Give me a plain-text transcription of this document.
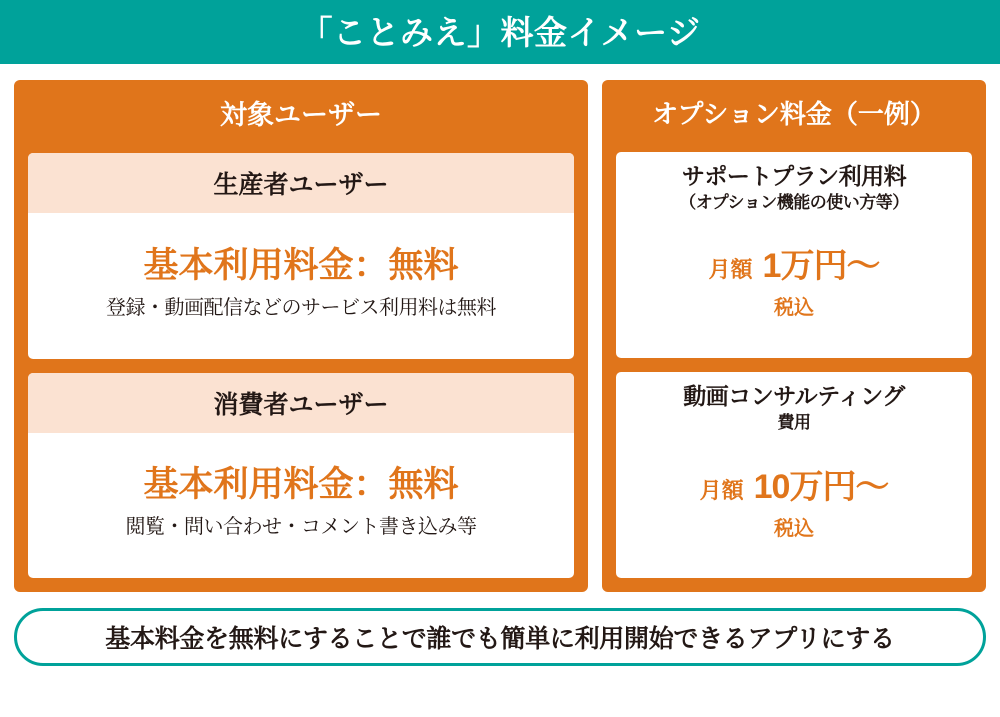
「ことみえ」料金イメージ
対象ユーザー
生産者ユーザー
基本利用料金：無料
登録・動画配信などのサービス利用料は無料
消費者ユーザー
基本利用料金：無料
閲覧・問い合わせ・コメント書き込み等
オプション料金（一例）
サポートプラン利用料
（オプション機能の使い方等）
月額 1万円〜
税込
動画コンサルティング
費用
月額 10万円〜
税込
基本料金を無料にすることで誰でも簡単に利用開始できるアプリにする
